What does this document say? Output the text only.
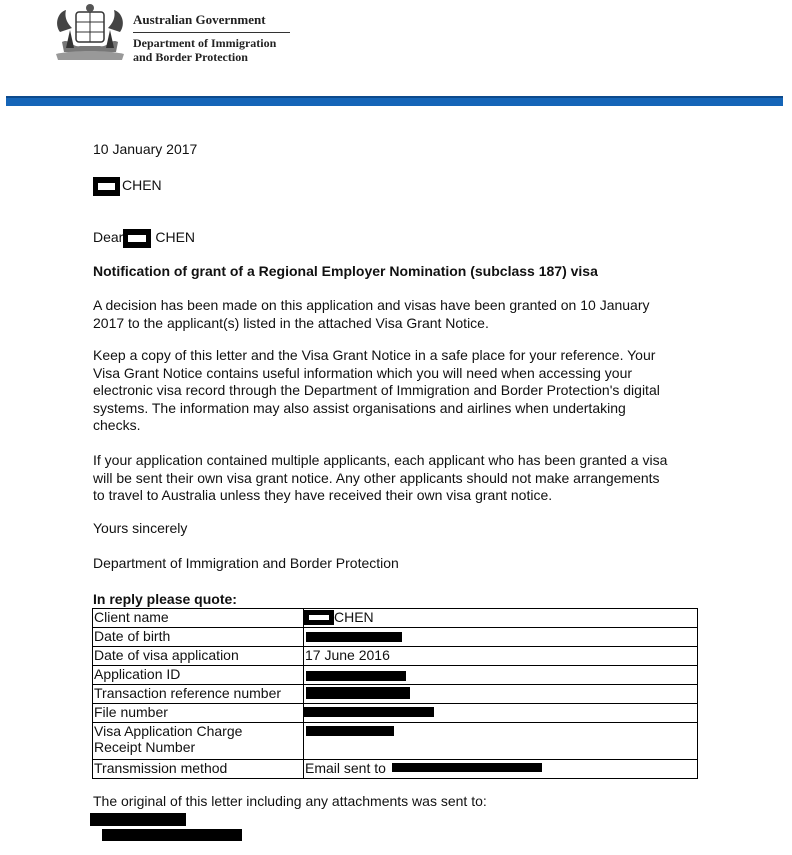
Australian Government
Department of Immigration
and Border Protection
10 January 2017
CHEN
Dear CHEN
Notification of grant of a Regional Employer Nomination (subclass 187) visa
A decision has been made on this application and visas have been granted on 10 January
2017 to the applicant(s) listed in the attached Visa Grant Notice.
Keep a copy of this letter and the Visa Grant Notice in a safe place for your reference. Your
Visa Grant Notice contains useful information which you will need when accessing your
electronic visa record through the Department of Immigration and Border Protection's digital
systems. The information may also assist organisations and airlines when undertaking
checks.
If your application contained multiple applicants, each applicant who has been granted a visa
will be sent their own visa grant notice. Any other applicants should not make arrangements
to travel to Australia unless they have received their own visa grant notice.
Yours sincerely
Department of Immigration and Border Protection
In reply please quote:
Client name	CHEN
Date of birth	

Date of visa application	17 June 2016
Application ID	

Transaction reference number	

File number	

Visa Application Charge
Receipt Number	

Transmission method	Email sent to
The original of this letter including any attachments was sent to:
